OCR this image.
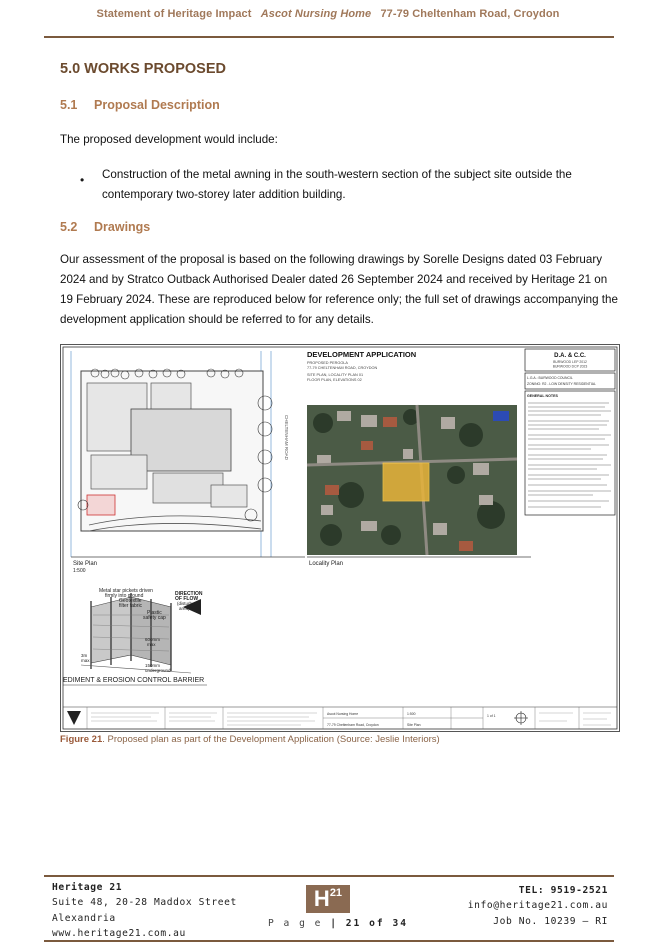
Statement of Heritage Impact Ascot Nursing Home 77-79 Cheltenham Road, Croydon
5.0 WORKS PROPOSED
5.1 Proposal Description
The proposed development would include:
• Construction of the metal awning in the south-western section of the subject site outside the contemporary two-storey later addition building.
5.2 Drawings
Our assessment of the proposal is based on the following drawings by Sorelle Designs dated 03 February 2024 and by Stratco Outback Authorised Dealer dated 26 September 2024 and received by Heritage 21 on 19 February 2024. These are reproduced below for reference only; the full set of drawings accompanying the development application should be referred to for any details.
CHELTENHAM ROAD
Site Plan
1:500
DEVELOPMENT APPLICATION
PROPOSED PERGOLA
77-79 CHELTENHAM ROAD, CROYDON
SITE PLAN, LOCALITY PLAN 01
FLOOR PLAN, ELEVATIONS 02
Locality Plan
D.A. & C.C.
BURWOOD LEP 2012
BURWOOD DCP 2023
L.G.A.: BURWOOD COUNCIL
ZONING: R2 - LOW DENSITY RESIDENTIAL
GENERAL NOTES
Metal star pickets driven
firmly into ground
Geotextile
filter fabric
Plastic
safety cap
DIRECTION
OF FLOW
(disturbed
area)
600mm
max
3m
max
150mm
underground
EDIMENT & EROSION CONTROL BARRIER
Ascot Nursing Home
77-79 Cheltenham Road, Croydon
1:500
Site Plan
1 of 1
Figure 21. Proposed plan as part of the Development Application (Source: Jeslie Interiors)
Heritage 21
Suite 48, 20-28 Maddox Street
Alexandria
www.heritage21.com.au
$H_{21}$
P a g e | 21 of 34
TEL: 9519-2521
info@heritage21.com.au
Job No. 10239 – RI
